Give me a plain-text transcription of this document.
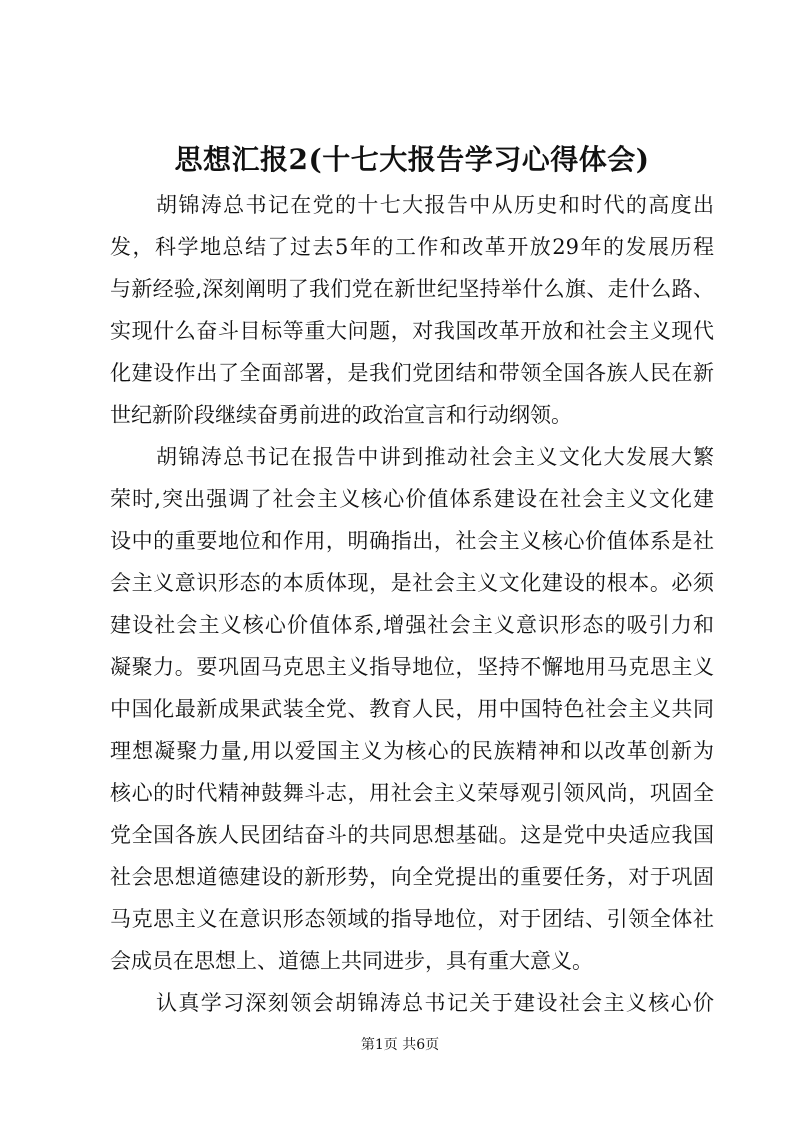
思想汇报2(十七大报告学习心得体会)
胡锦涛总书记在党的十七大报告中从历史和时代的高度出
发，科学地总结了过去5年的工作和改革开放29年的发展历程
与新经验,深刻阐明了我们党在新世纪坚持举什么旗、走什么路、
实现什么奋斗目标等重大问题，对我国改革开放和社会主义现代
化建设作出了全面部署，是我们党团结和带领全国各族人民在新
世纪新阶段继续奋勇前进的政治宣言和行动纲领。
胡锦涛总书记在报告中讲到推动社会主义文化大发展大繁
荣时,突出强调了社会主义核心价值体系建设在社会主义文化建
设中的重要地位和作用，明确指出，社会主义核心价值体系是社
会主义意识形态的本质体现，是社会主义文化建设的根本。必须
建设社会主义核心价值体系,增强社会主义意识形态的吸引力和
凝聚力。要巩固马克思主义指导地位，坚持不懈地用马克思主义
中国化最新成果武装全党、教育人民，用中国特色社会主义共同
理想凝聚力量,用以爱国主义为核心的民族精神和以改革创新为
核心的时代精神鼓舞斗志，用社会主义荣辱观引领风尚，巩固全
党全国各族人民团结奋斗的共同思想基础。这是党中央适应我国
社会思想道德建设的新形势，向全党提出的重要任务，对于巩固
马克思主义在意识形态领域的指导地位，对于团结、引领全体社
会成员在思想上、道德上共同进步，具有重大意义。
认真学习深刻领会胡锦涛总书记关于建设社会主义核心价
第1页 共6页
